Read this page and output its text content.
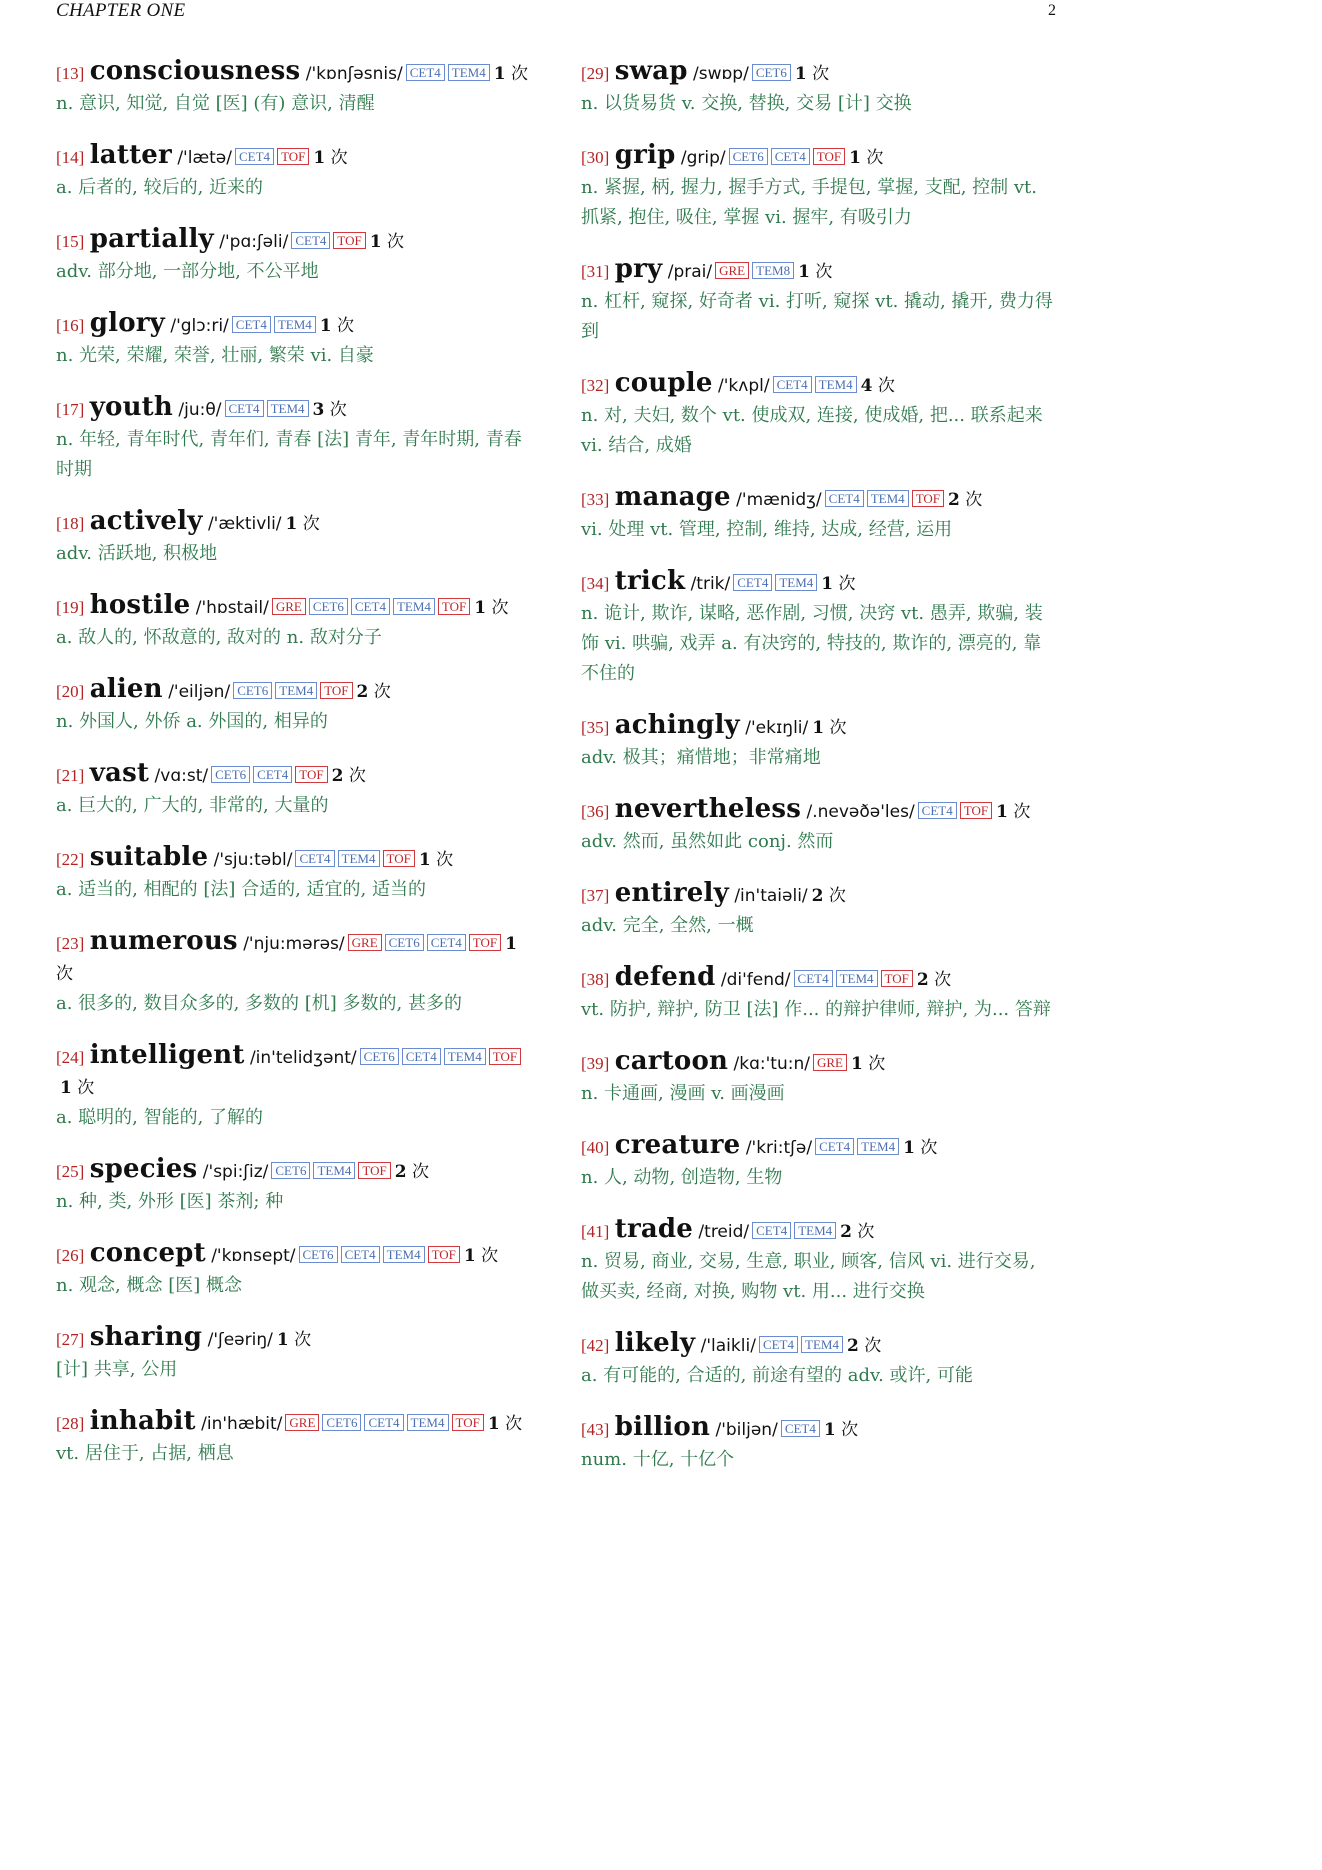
CHAPTER ONE	2
[13] consciousness /'kɒnʃəsnis/ CET4 TEM4 1 次
n. 意识, 知觉, 自觉 [医] (有) 意识, 清醒
[14] latter /'lætə/ CET4 TOF 1 次
a. 后者的, 较后的, 近来的
[15] partially /'pɑ:ʃəli/ CET4 TOF 1 次
adv. 部分地, 一部分地, 不公平地
[16] glory /'glɔ:ri/ CET4 TEM4 1 次
n. 光荣, 荣耀, 荣誉, 壮丽, 繁荣 vi. 自豪
[17] youth /ju:θ/ CET4 TEM4 3 次
n. 年轻, 青年时代, 青年们, 青春 [法] 青年, 青年时期, 青春时期
[18] actively /'æktivli/ 1 次
adv. 活跃地, 积极地
[19] hostile /'hɒstail/ GRE CET6 CET4 TEM4 TOF 1 次
a. 敌人的, 怀敌意的, 敌对的 n. 敌对分子
[20] alien /'eiljən/ CET6 TEM4 TOF 2 次
n. 外国人, 外侨 a. 外国的, 相异的
[21] vast /vɑ:st/ CET6 CET4 TOF 2 次
a. 巨大的, 广大的, 非常的, 大量的
[22] suitable /'sju:təbl/ CET4 TEM4 TOF 1 次
a. 适当的, 相配的 [法] 合适的, 适宜的, 适当的
[23] numerous /'nju:mərəs/ GRE CET6 CET4 TOF 1 次
a. 很多的, 数目众多的, 多数的 [机] 多数的, 甚多的
[24] intelligent /in'telidʒənt/ CET6 CET4 TEM4 TOF1 次
a. 聪明的, 智能的, 了解的
[25] species /'spi:ʃiz/ CET6 TEM4 TOF 2 次
n. 种, 类, 外形 [医] 茶剂; 种
[26] concept /'kɒnsept/ CET6 CET4 TEM4 TOF 1 次
n. 观念, 概念 [医] 概念
[27] sharing /'ʃeəriŋ/ 1 次
[计] 共享, 公用
[28] inhabit /in'hæbit/ GRE CET6 CET4 TEM4 TOF 1 次
vt. 居住于, 占据, 栖息
[29] swap /swɒp/ CET6 1 次
n. 以货易货 v. 交换, 替换, 交易 [计] 交换
[30] grip /grip/ CET6 CET4 TOF 1 次
n. 紧握, 柄, 握力, 握手方式, 手提包, 掌握, 支配, 控制 vt. 抓紧, 抱住, 吸住, 掌握 vi. 握牢, 有吸引力
[31] pry /prai/ GRE TEM8 1 次
n. 杠杆, 窥探, 好奇者 vi. 打听, 窥探 vt. 撬动, 撬开, 费力得到
[32] couple /'kʌpl/ CET4 TEM4 4 次
n. 对, 夫妇, 数个 vt. 使成双, 连接, 使成婚, 把... 联系起来 vi. 结合, 成婚
[33] manage /'mænidʒ/ CET4 TEM4 TOF 2 次
vi. 处理 vt. 管理, 控制, 维持, 达成, 经营, 运用
[34] trick /trik/ CET4 TEM4 1 次
n. 诡计, 欺诈, 谋略, 恶作剧, 习惯, 决窍 vt. 愚弄, 欺骗, 装饰 vi. 哄骗, 戏弄 a. 有决窍的, 特技的, 欺诈的, 漂亮的, 靠不住的
[35] achingly /'ekɪŋli/ 1 次
adv. 极其；痛惜地；非常痛地
[36] nevertheless /.nevəðə'les/ CET4 TOF 1 次
adv. 然而, 虽然如此 conj. 然而
[37] entirely /in'taiəli/ 2 次
adv. 完全, 全然, 一概
[38] defend /di'fend/ CET4 TEM4 TOF 2 次
vt. 防护, 辩护, 防卫 [法] 作... 的辩护律师, 辩护, 为... 答辩
[39] cartoon /kɑ:'tu:n/ GRE 1 次
n. 卡通画, 漫画 v. 画漫画
[40] creature /'kri:tʃə/ CET4 TEM4 1 次
n. 人, 动物, 创造物, 生物
[41] trade /treid/ CET4 TEM4 2 次
n. 贸易, 商业, 交易, 生意, 职业, 顾客, 信风 vi. 进行交易, 做买卖, 经商, 对换, 购物 vt. 用... 进行交换
[42] likely /'laikli/ CET4 TEM4 2 次
a. 有可能的, 合适的, 前途有望的 adv. 或许, 可能
[43] billion /'biljən/ CET4 1 次
num. 十亿, 十亿个
